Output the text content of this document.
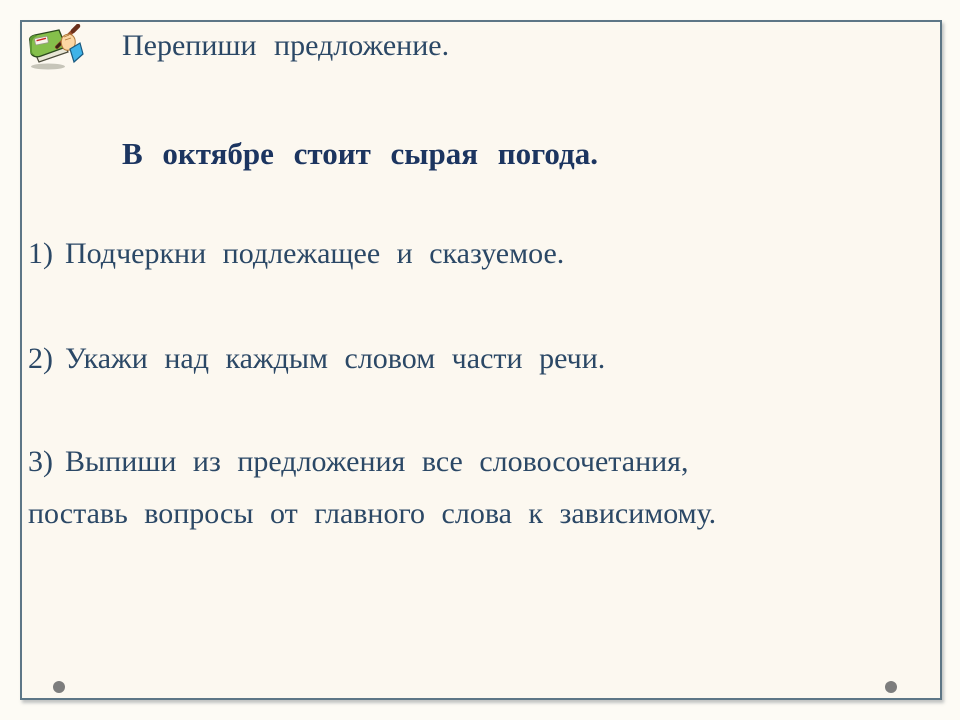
Перепиши предложение.
В октябре стоит сырая погода.
1) Подчеркни подлежащее и сказуемое.
2) Укажи над каждым словом части речи.
3) Выпиши из предложения все словосочетания,
поставь вопросы от главного слова к зависимому.
